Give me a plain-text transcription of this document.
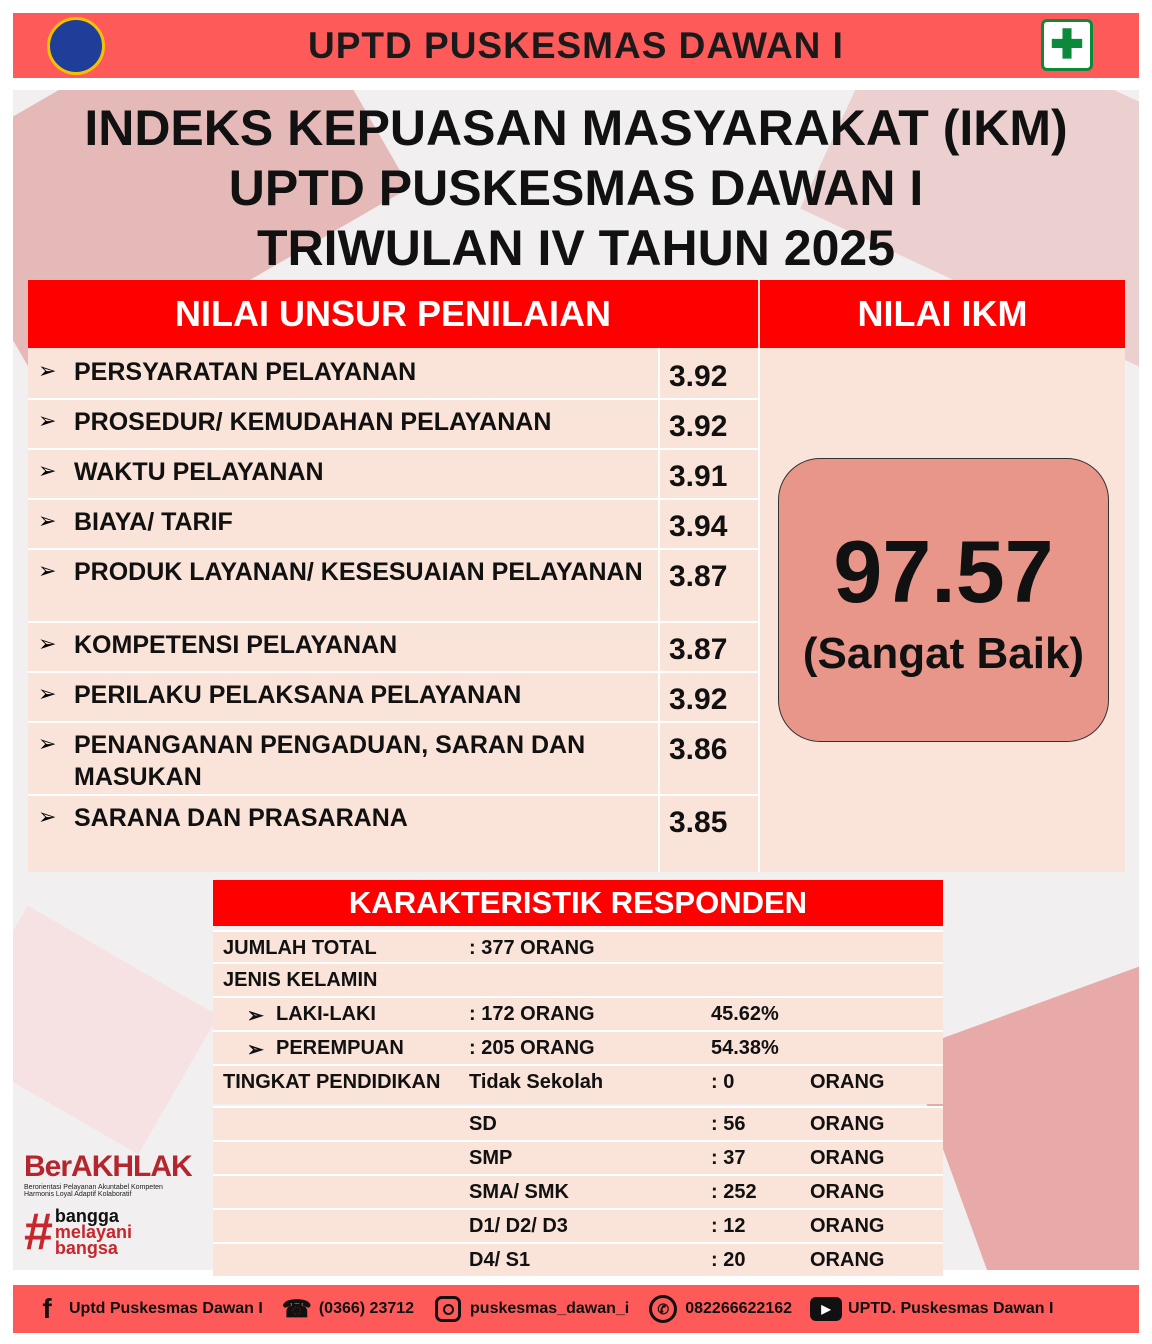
UPTD PUSKESMAS DAWAN I	✚
INDEKS KEPUASAN MASYARAKAT (IKM)
UPTD PUSKESMAS DAWAN I
TRIWULAN IV TAHUN 2025
NILAI UNSUR PENILAIAN	NILAI IKM
➢ PERSYARATAN PELAYANAN	3.92
➢ PROSEDUR/ KEMUDAHAN PELAYANAN	3.92
➢ WAKTU PELAYANAN	3.91
➢ BIAYA/ TARIF	3.94
➢ PRODUK LAYANAN/ KESESUAIAN PELAYANAN 3.87
➢ KOMPETENSI PELAYANAN	3.87
➢ PERILAKU PELAKSANA PELAYANAN	3.92
➢ PENANGANAN PENGADUAN, SARAN DAN MASUKAN
3.86
➢ SARANA DAN PRASARANA	3.85
97.57
(Sangat Baik)
KARAKTERISTIK RESPONDEN
JUMLAH TOTAL	: 377 ORANG
JENIS KELAMIN
➢ LAKI-LAKI	: 172 ORANG	45.62%
➢ PEREMPUAN	: 205 ORANG	54.38%
TINGKAT PENDIDIKAN Tidak Sekolah	: 0	ORANG
SD	: 56	ORANG
SMP	: 37	ORANG
SMA/ SMK	: 252	ORANG
D1/ D2/ D3	: 12	ORANG
D4/ S1	: 20	ORANG
BerAKHLAK
Berorientasi Pelayanan Akuntabel Kompeten
Harmonis Loyal Adaptif Kolaboratif
# bangga
melayani
bangsa
f	Uptd Puskesmas Dawan I ☎ (0366) 23712	puskesmas_dawan_i	✆	082266622162	▶	UPTD. Puskesmas Dawan I
